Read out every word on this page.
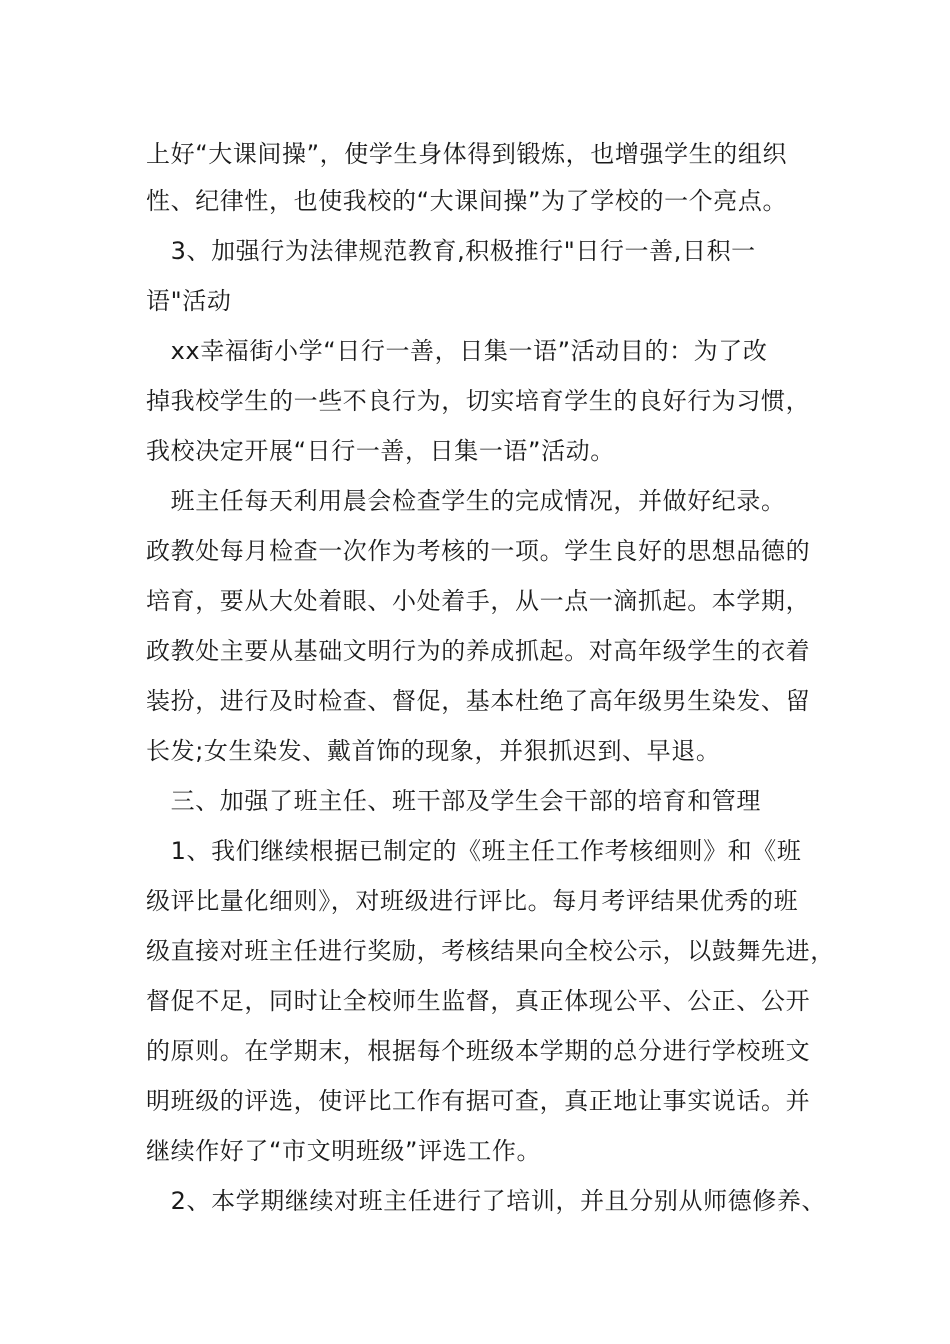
上好“大课间操”，使学生身体得到锻炼，也增强学生的组织
性、纪律性，也使我校的“大课间操”为了学校的一个亮点。
　3、加强行为法律规范教育,积极推行"日行一善,日积一
语"活动
　xx幸福街小学“日行一善，日集一语”活动目的：为了改
掉我校学生的一些不良行为，切实培育学生的良好行为习惯，
我校决定开展“日行一善，日集一语”活动。
　班主任每天利用晨会检查学生的完成情况，并做好纪录。
政教处每月检查一次作为考核的一项。学生良好的思想品德的
培育，要从大处着眼、小处着手，从一点一滴抓起。本学期，
政教处主要从基础文明行为的养成抓起。对高年级学生的衣着
装扮，进行及时检查、督促，基本杜绝了高年级男生染发、留
长发;女生染发、戴首饰的现象，并狠抓迟到、早退。
　三、加强了班主任、班干部及学生会干部的培育和管理
　1、我们继续根据已制定的《班主任工作考核细则》和《班
级评比量化细则》，对班级进行评比。每月考评结果优秀的班
级直接对班主任进行奖励，考核结果向全校公示，以鼓舞先进，
督促不足，同时让全校师生监督，真正体现公平、公正、公开
的原则。在学期末，根据每个班级本学期的总分进行学校班文
明班级的评选，使评比工作有据可查，真正地让事实说话。并
继续作好了“市文明班级”评选工作。
　2、本学期继续对班主任进行了培训，并且分别从师德修养、
